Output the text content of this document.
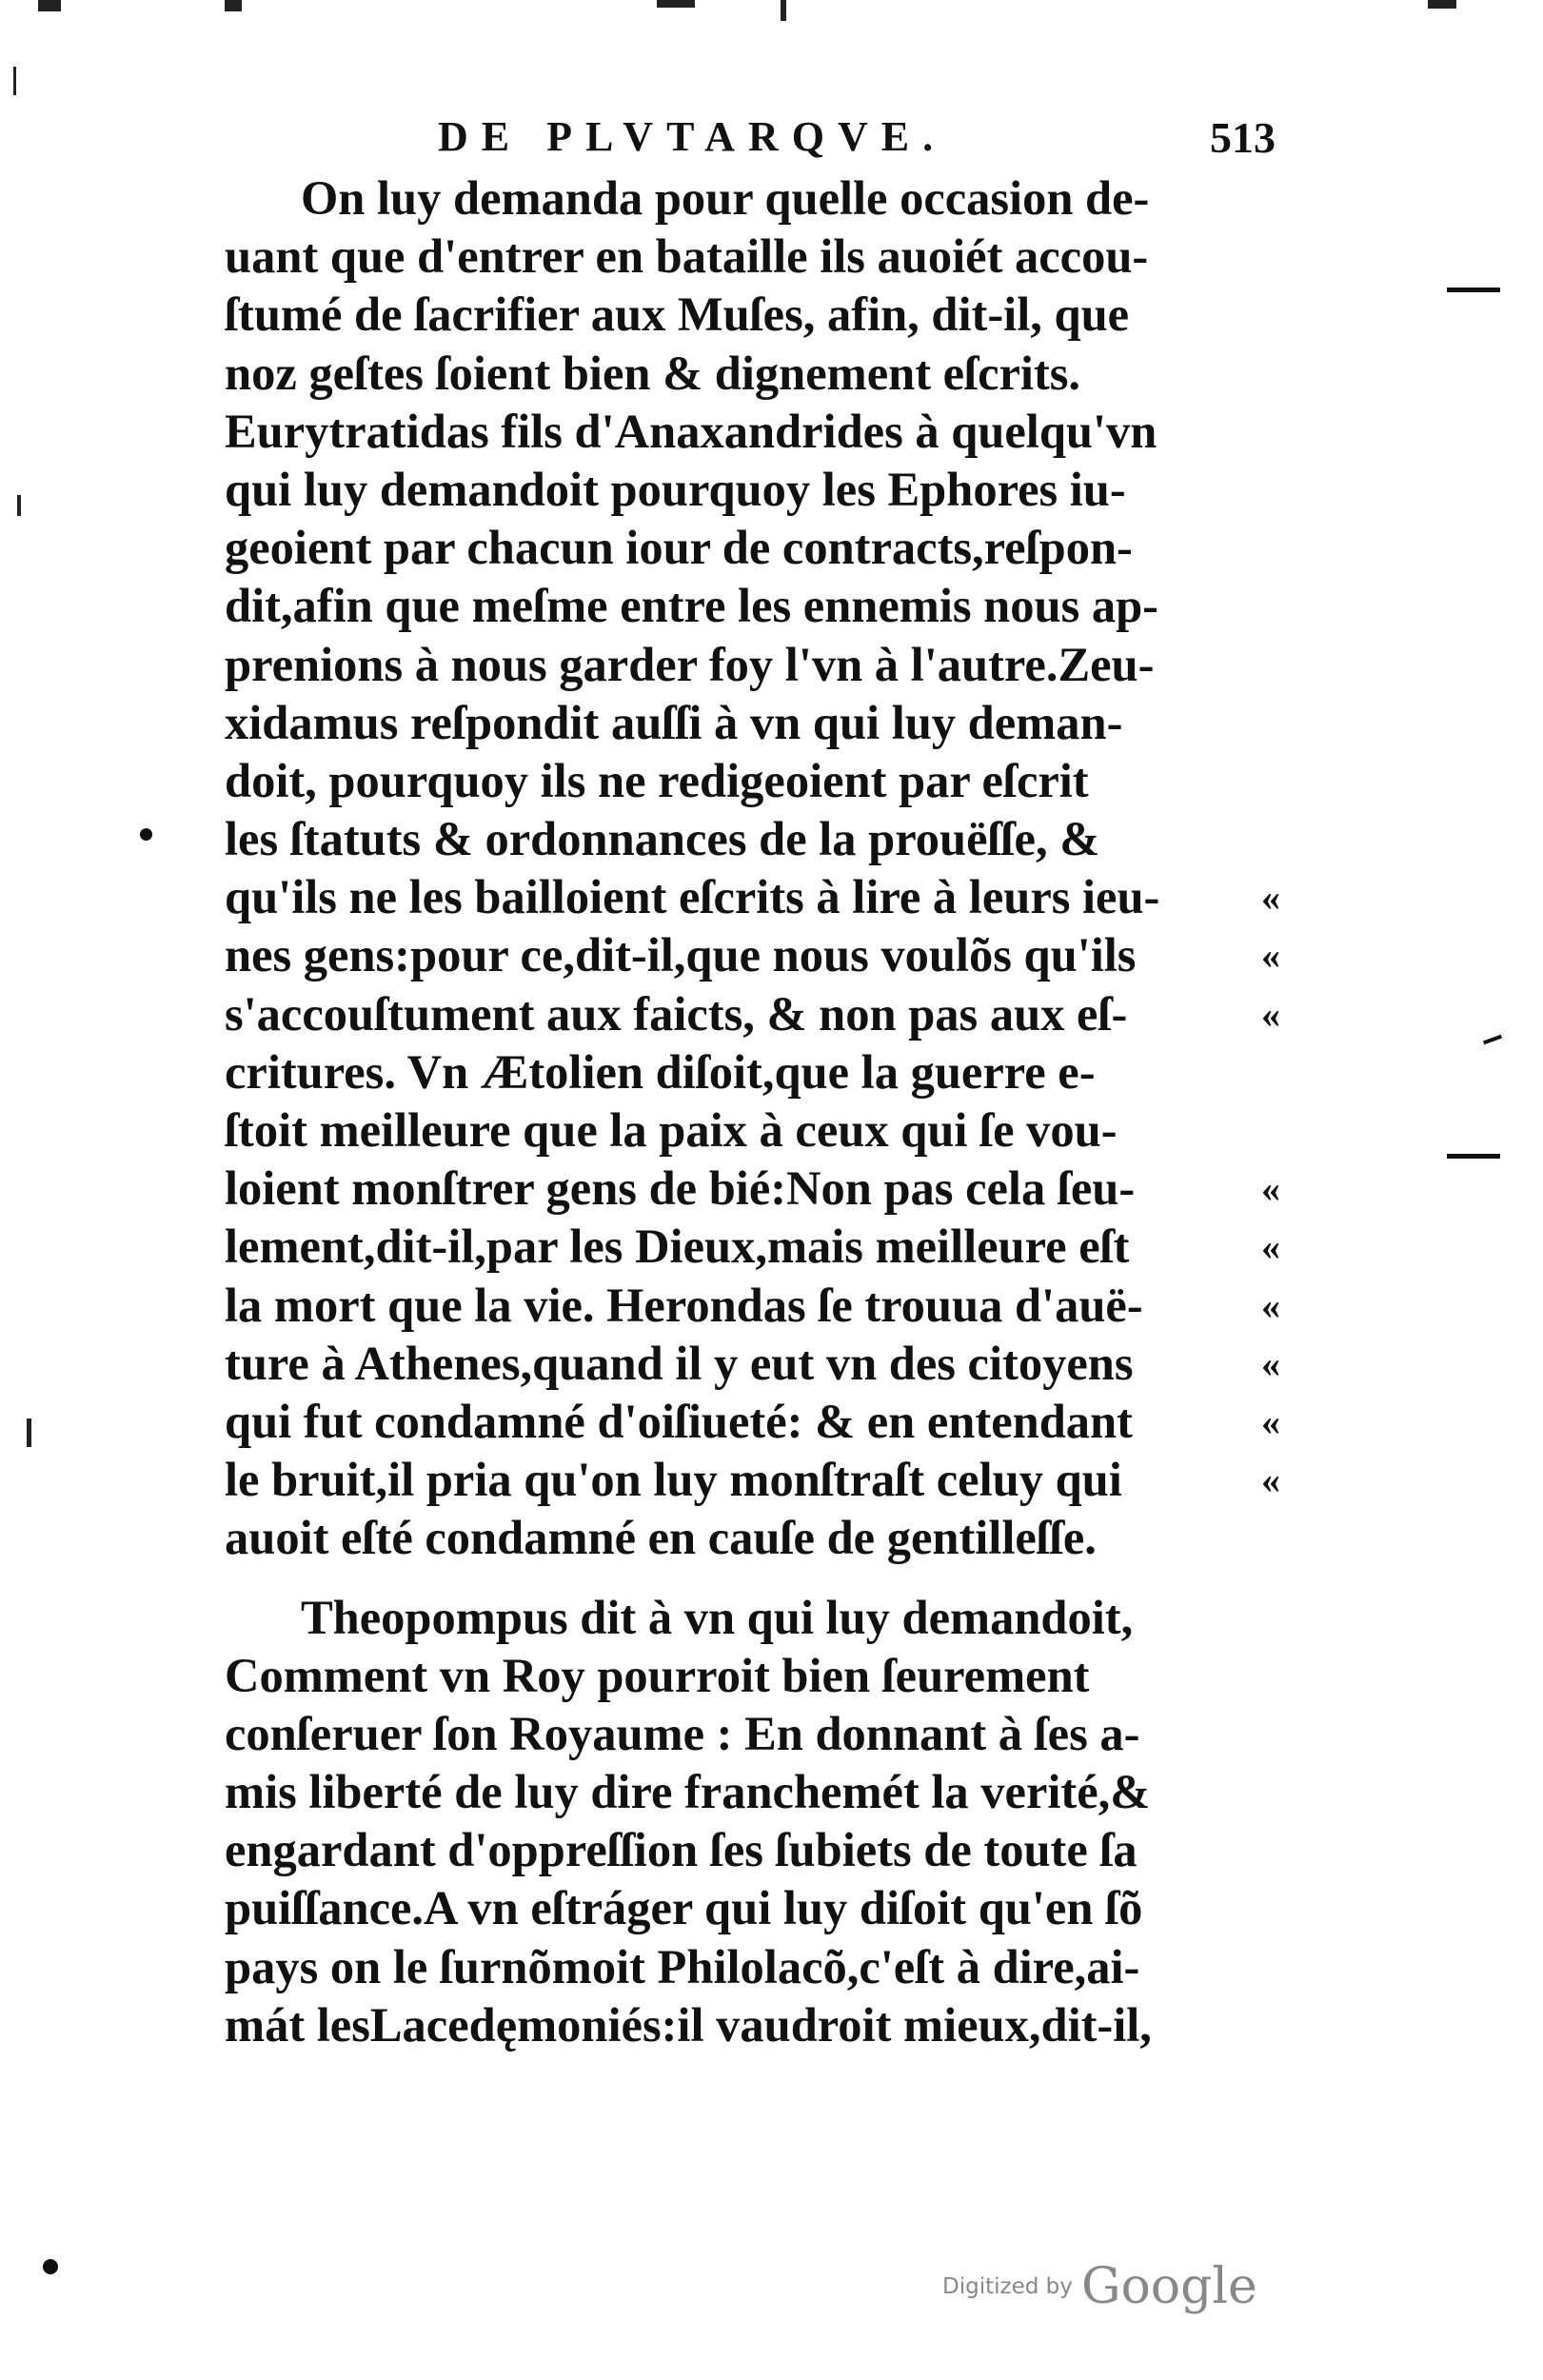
DE PLVTARQVE.	513
On luy demanda pour quelle occasion de-
uant que d'entrer en bataille ils auoiét accou-
ſtumé de ſacrifier aux Muſes, afin, dit-il, que
noz geſtes ſoient bien & dignement eſcrits.
Eurytratidas fils d'Anaxandrides à quelqu'vn
qui luy demandoit pourquoy les Ephores iu-
geoient par chacun iour de contracts,reſpon-
dit,afin que meſme entre les ennemis nous ap-
prenions à nous garder foy l'vn à l'autre.Zeu-
xidamus reſpondit auſſi à vn qui luy deman-
doit, pourquoy ils ne redigeoient par eſcrit
les ſtatuts & ordonnances de la prouëſſe, &
qu'ils ne les bailloient eſcrits à lire à leurs ieu-
nes gens:pour ce,dit-il,que nous voulõs qu'ils
s'accouſtument aux faicts, & non pas aux eſ-
critures. Vn Ætolien diſoit,que la guerre e-
ſtoit meilleure que la paix à ceux qui ſe vou-
loient monſtrer gens de bié:Non pas cela ſeu-
lement,dit-il,par les Dieux,mais meilleure eſt
la mort que la vie. Herondas ſe trouua d'auë-
ture à Athenes,quand il y eut vn des citoyens
qui fut condamné d'oiſiueté: & en entendant
le bruit,il pria qu'on luy monſtraſt celuy qui
auoit eſté condamné en cauſe de gentilleſſe.
Theopompus dit à vn qui luy demandoit,
Comment vn Roy pourroit bien ſeurement
conſeruer ſon Royaume : En donnant à ſes a-
mis liberté de luy dire franchemét la verité,&
engardant d'oppreſſion ſes ſubiets de toute ſa
puiſſance.A vn eſtráger qui luy diſoit qu'en ſõ
pays on le ſurnõmoit Philolacõ,c'eſt à dire,ai-
mát lesLacedęmoniés:il vaudroit mieux,dit-il,
«
«
«
«
«
«
«
«
«
Digitized by Google
